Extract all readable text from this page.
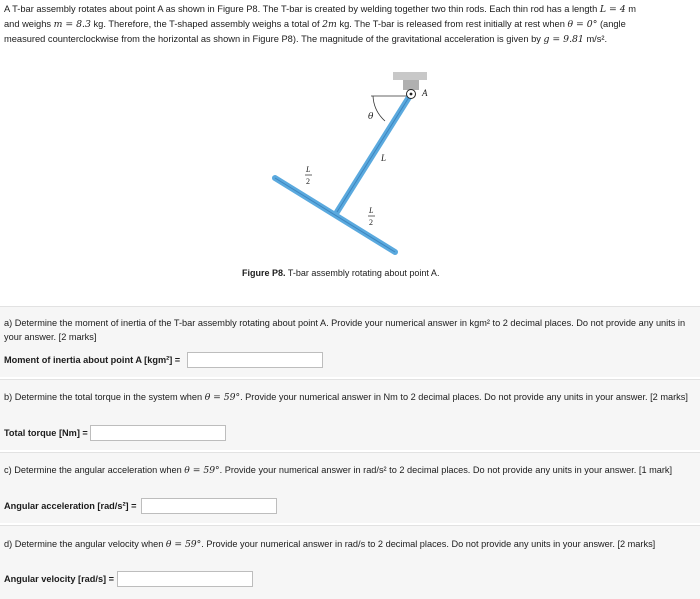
A T-bar assembly rotates about point A as shown in Figure P8. The T-bar is created by welding together two thin rods. Each thin rod has a length L = 4 m
and weighs m = 8.3 kg. Therefore, the T-shaped assembly weighs a total of 2m kg. The T-bar is released from rest initially at rest when θ = 0° (angle
measured counterclockwise from the horizontal as shown in Figure P8). The magnitude of the gravitational acceleration is given by g = 9.81 m/s².
A
θ
L
L
2
L
2
Figure P8. T-bar assembly rotating about point A.
a) Determine the moment of inertia of the T-bar assembly rotating about point A. Provide your numerical answer in kgm² to 2 decimal places. Do not provide any units in your answer. [2 marks]
Moment of inertia about point A [kgm²] =
b) Determine the total torque in the system when θ = 59°. Provide your numerical answer in Nm to 2 decimal places. Do not provide any units in your answer. [2 marks]
Total torque [Nm] =
c) Determine the angular acceleration when θ = 59°. Provide your numerical answer in rad/s² to 2 decimal places. Do not provide any units in your answer. [1 mark]
Angular acceleration [rad/s²] =
d) Determine the angular velocity when θ = 59°. Provide your numerical answer in rad/s to 2 decimal places. Do not provide any units in your answer. [2 marks]
Angular velocity [rad/s] =
